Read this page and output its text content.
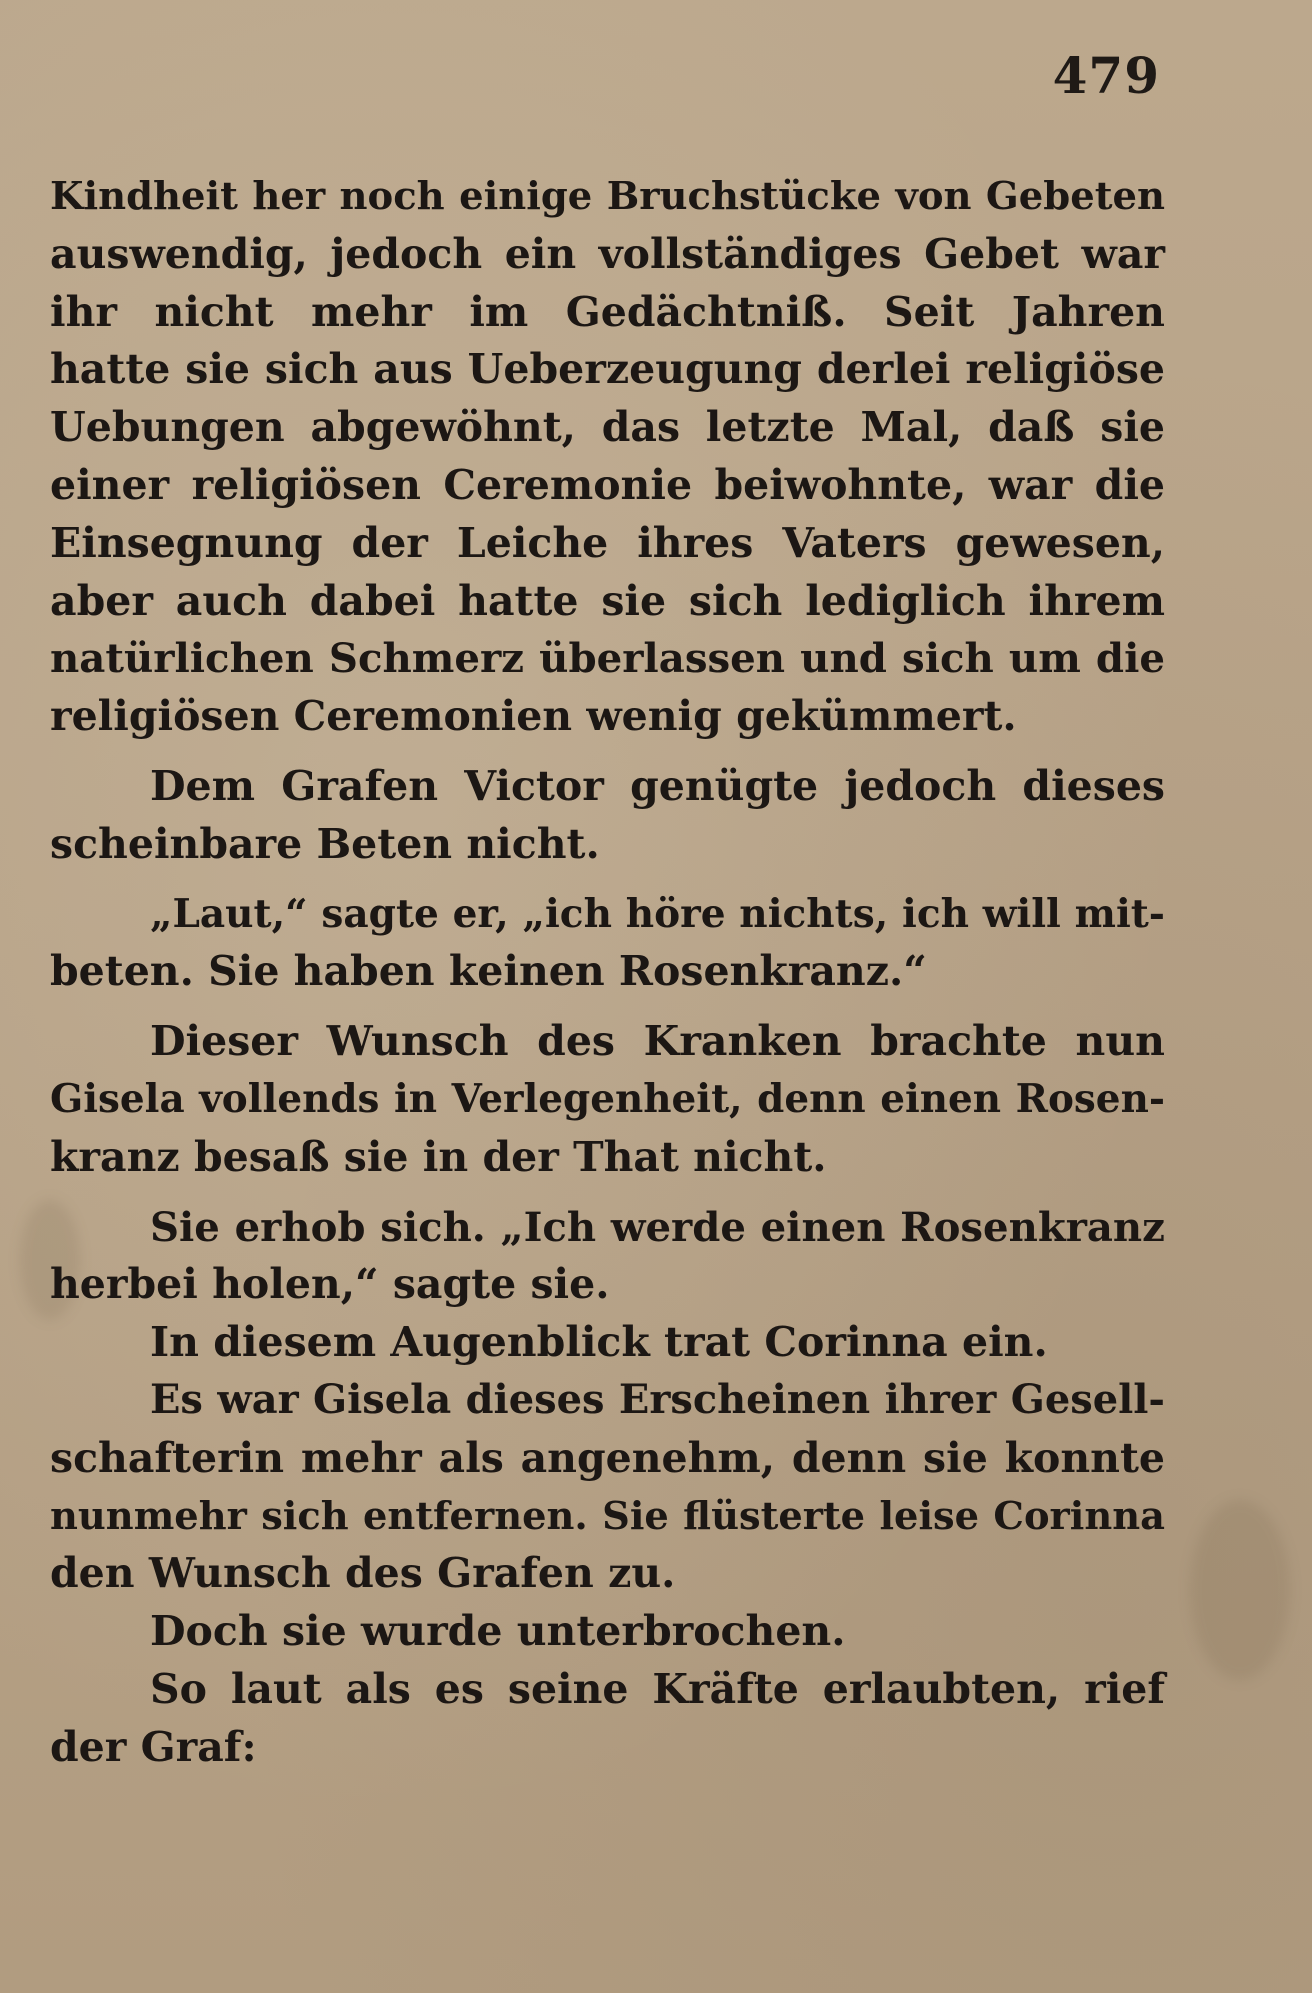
479

Kindheit her noch einige Bruchstücke von Gebeten
auswendig, jedoch ein vollständiges Gebet war
ihr nicht mehr im Gedächtniß. Seit Jahren
hatte sie sich aus Ueberzeugung derlei religiöse
Uebungen abgewöhnt, das letzte Mal, daß sie
einer religiösen Ceremonie beiwohnte, war die
Einsegnung der Leiche ihres Vaters gewesen,
aber auch dabei hatte sie sich lediglich ihrem
natürlichen Schmerz überlassen und sich um die
religiösen Ceremonien wenig gekümmert.

Dem Grafen Victor genügte jedoch dieses
scheinbare Beten nicht.

„Laut,“ sagte er, „ich höre nichts, ich will mit-
beten. Sie haben keinen Rosenkranz.“

Dieser Wunsch des Kranken brachte nun
Gisela vollends in Verlegenheit, denn einen Rosen-
kranz besaß sie in der That nicht.

Sie erhob sich. „Ich werde einen Rosenkranz
herbei holen,“ sagte sie.

In diesem Augenblick trat Corinna ein.

Es war Gisela dieses Erscheinen ihrer Gesell-
schafterin mehr als angenehm, denn sie konnte
nunmehr sich entfernen. Sie flüsterte leise Corinna
den Wunsch des Grafen zu.

Doch sie wurde unterbrochen.

So laut als es seine Kräfte erlaubten, rief
der Graf:
